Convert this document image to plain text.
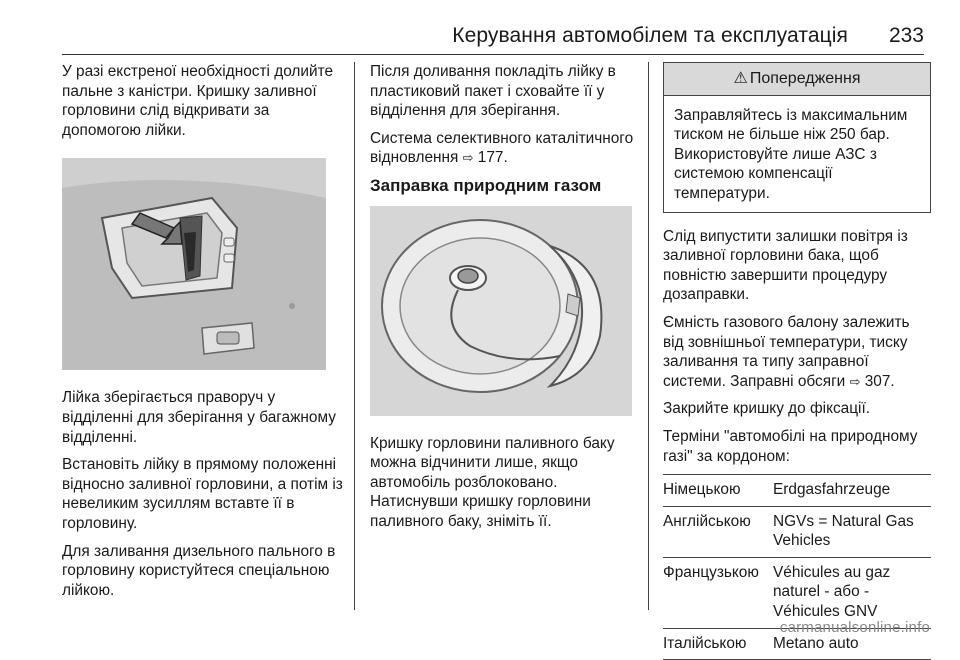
Керування автомобілем та експлуатація 233

У разі екстреної необхідності долийте пальне з каністри. Кришку заливної горловини слід відкривати за допомогою лійки.

Лійка зберігається праворуч у відділенні для зберігання у багажному відділенні.

Встановіть лійку в прямому положенні відносно заливної горловини, а потім із невеликим зусиллям вставте її в горловину.

Для заливання дизельного пального в горловину користуйтеся спеціальною лійкою.

Після доливання покладіть лійку в пластиковий пакет і сховайте її у відділення для зберігання.

Система селективного каталітичного відновлення ⇨ 177.

Заправка природним газом

Кришку горловини паливного баку можна відчинити лише, якщо автомобіль розблоковано. Натиснувши кришку горловини паливного баку, зніміть її.

⚠ Попередження
Заправляйтесь із максимальним тиском не більше ніж 250 бар. Використовуйте лише АЗС з системою компенсації температури.

Слід випустити залишки повітря із заливної горловини бака, щоб повністю завершити процедуру дозаправки.

Ємність газового балону залежить від зовнішньої температури, тиску заливання та типу заправної системи. Заправні обсяги ⇨ 307.

Закрийте кришку до фіксації.

Терміни "автомобілі на природному газі" за кордоном:

Німецькою	Erdgasfahrzeuge
Англійською	NGVs = Natural Gas Vehicles
Французькою Véhicules au gaz naturel - або - Véhicules GNV
Італійською	Metano auto
carmanualsonline.info
